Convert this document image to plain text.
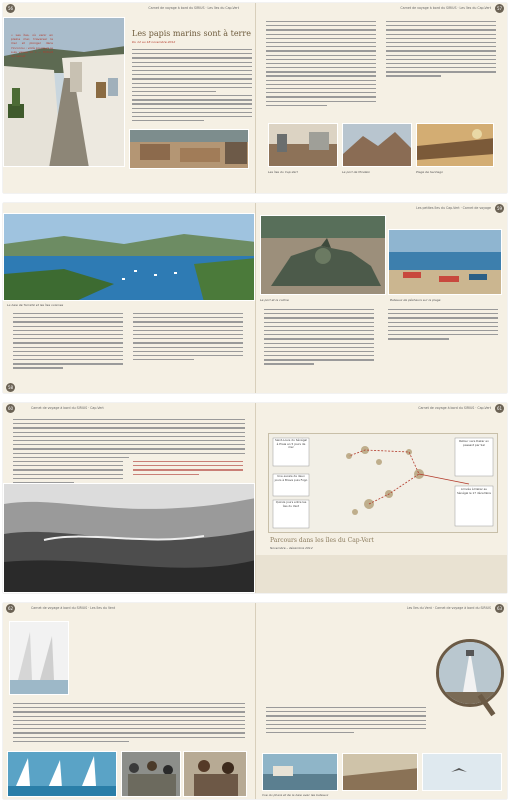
56	Carnet de voyage à bord du SIRIUS · Les îles du Cap-Vert
« Les îles, où venir en pleine mer, traverser la mer et plonger dans l'inconnu ; voilà pourquoi je suis venue ici » — Extrait du carnet
Les papis marins sont à terre
Du 12 au 18 novembre 2012
57
Carnet de voyage à bord du SIRIUS · Les îles du Cap-Vert
Les îles du Cap-Vert	Le port de Mindelo	Plage de Santiago
La baie de Tarrafal et les îles voisines
58
59
Les petites îles du Cap-Vert · Carnet de voyage
Le port et la colline	Bateaux de pêcheurs sur la plage
60	Carnet de voyage à bord du SIRIUS · Cap-Vert	61
Carnet de voyage à bord du SIRIUS · Cap-Vert
Saint-Louis du Sénégal à Praia en 5 jours de mer
Une escale de deux jours à Brava puis Fogo
Quinze jours entre les îles du Vent
Retour vers Dakar en passant par Sal
Arrivée à Dakar au Sénégal le 17 décembre
Parcours dans les îles du Cap-Vert
Novembre – décembre 2012
62	Carnet de voyage à bord du SIRIUS · Les îles du Vent	63
Les îles du Vent · Carnet de voyage à bord du SIRIUS
Vue du phare et de la baie avec les bateaux
